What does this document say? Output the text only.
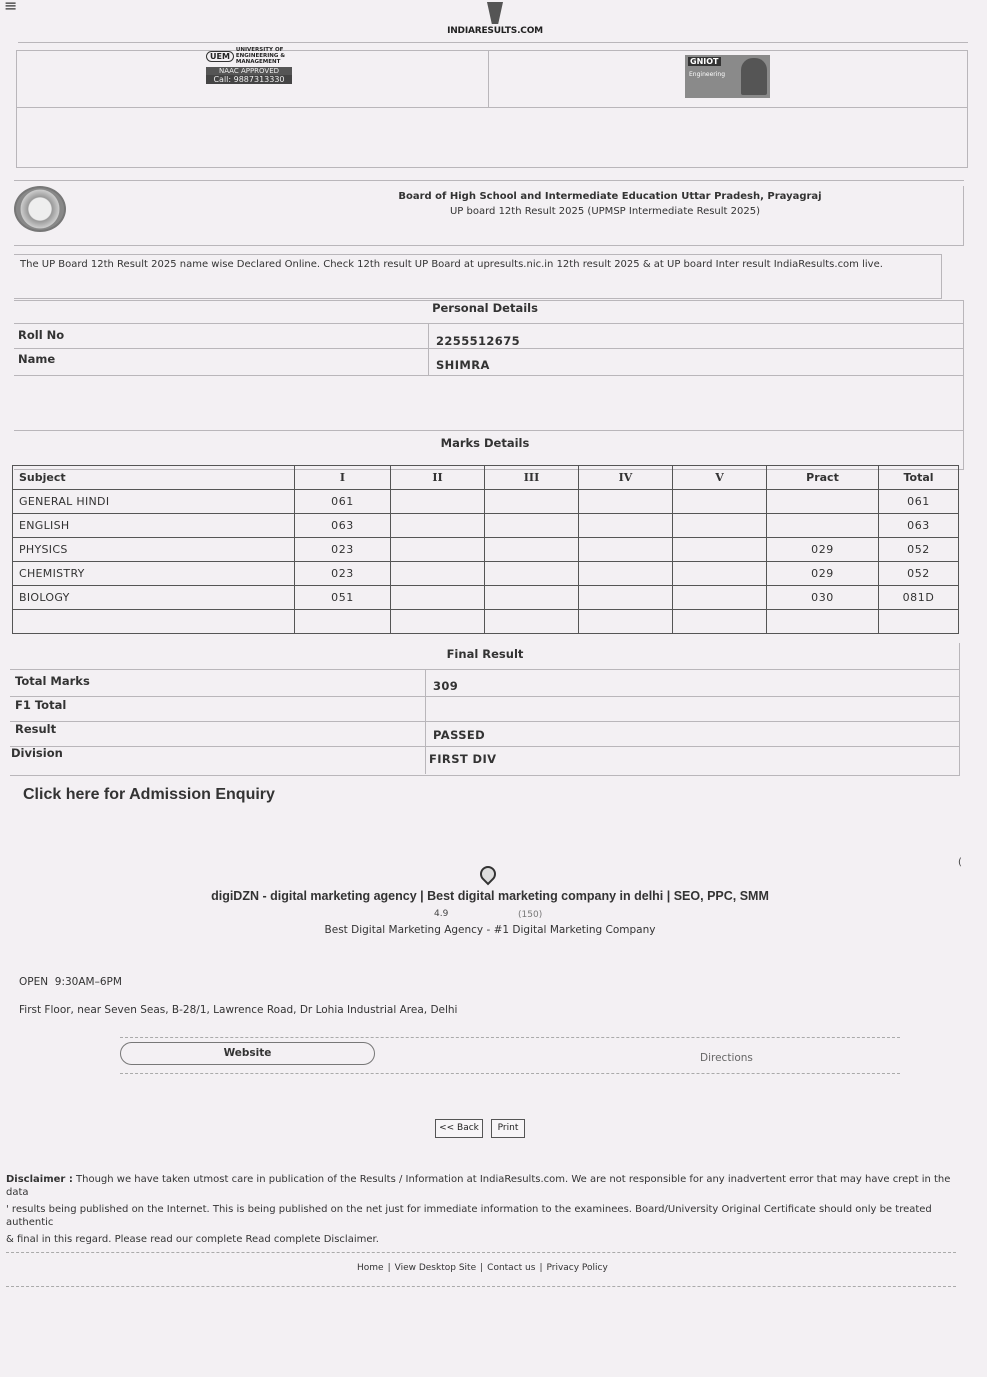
≡
INDIARESULTS.COM
UEM
UNIVERSITY OF
ENGINEERING &
MANAGEMENT
NAAC APPROVED
Call: 9887313330
GNIOT
Engineering
Board of High School and Intermediate Education Uttar Pradesh, Prayagraj
UP board 12th Result 2025 (UPMSP Intermediate Result 2025)
The UP Board 12th Result 2025 name wise Declared Online. Check 12th result UP Board at upresults.nic.in 12th result 2025 & at UP board Inter result IndiaResults.com live.
Personal Details
Roll No	2255512675
Name	SHIMRA
Marks Details
Subject	I	II	III	IV	V	Pract	Total
GENERAL HINDI	061						061
ENGLISH	063						063
PHYSICS	023					029	052
CHEMISTRY	023					029	052
BIOLOGY	051					030	081D

Final Result
Total Marks	309
F1 Total
Result	PASSED
Division	FIRST DIV
Click here for Admission Enquiry
(
digiDZN - digital marketing agency | Best digital marketing company in delhi | SEO, PPC, SMM
4.9	(150)
Best Digital Marketing Agency - #1 Digital Marketing Company
OPEN 9:30AM–6PM
First Floor, near Seven Seas, B-28/1, Lawrence Road, Dr Lohia Industrial Area, Delhi
Website	Directions
<< Back	Print
Disclaimer : Though we have taken utmost care in publication of the Results / Information at IndiaResults.com. We are not responsible for any inadvertent error that may have crept in the data
' results being published on the Internet. This is being published on the net just for immediate information to the examinees. Board/University Original Certificate should only be treated authentic
& final in this regard. Please read our complete Read complete Disclaimer.
Home | View Desktop Site | Contact us | Privacy Policy
